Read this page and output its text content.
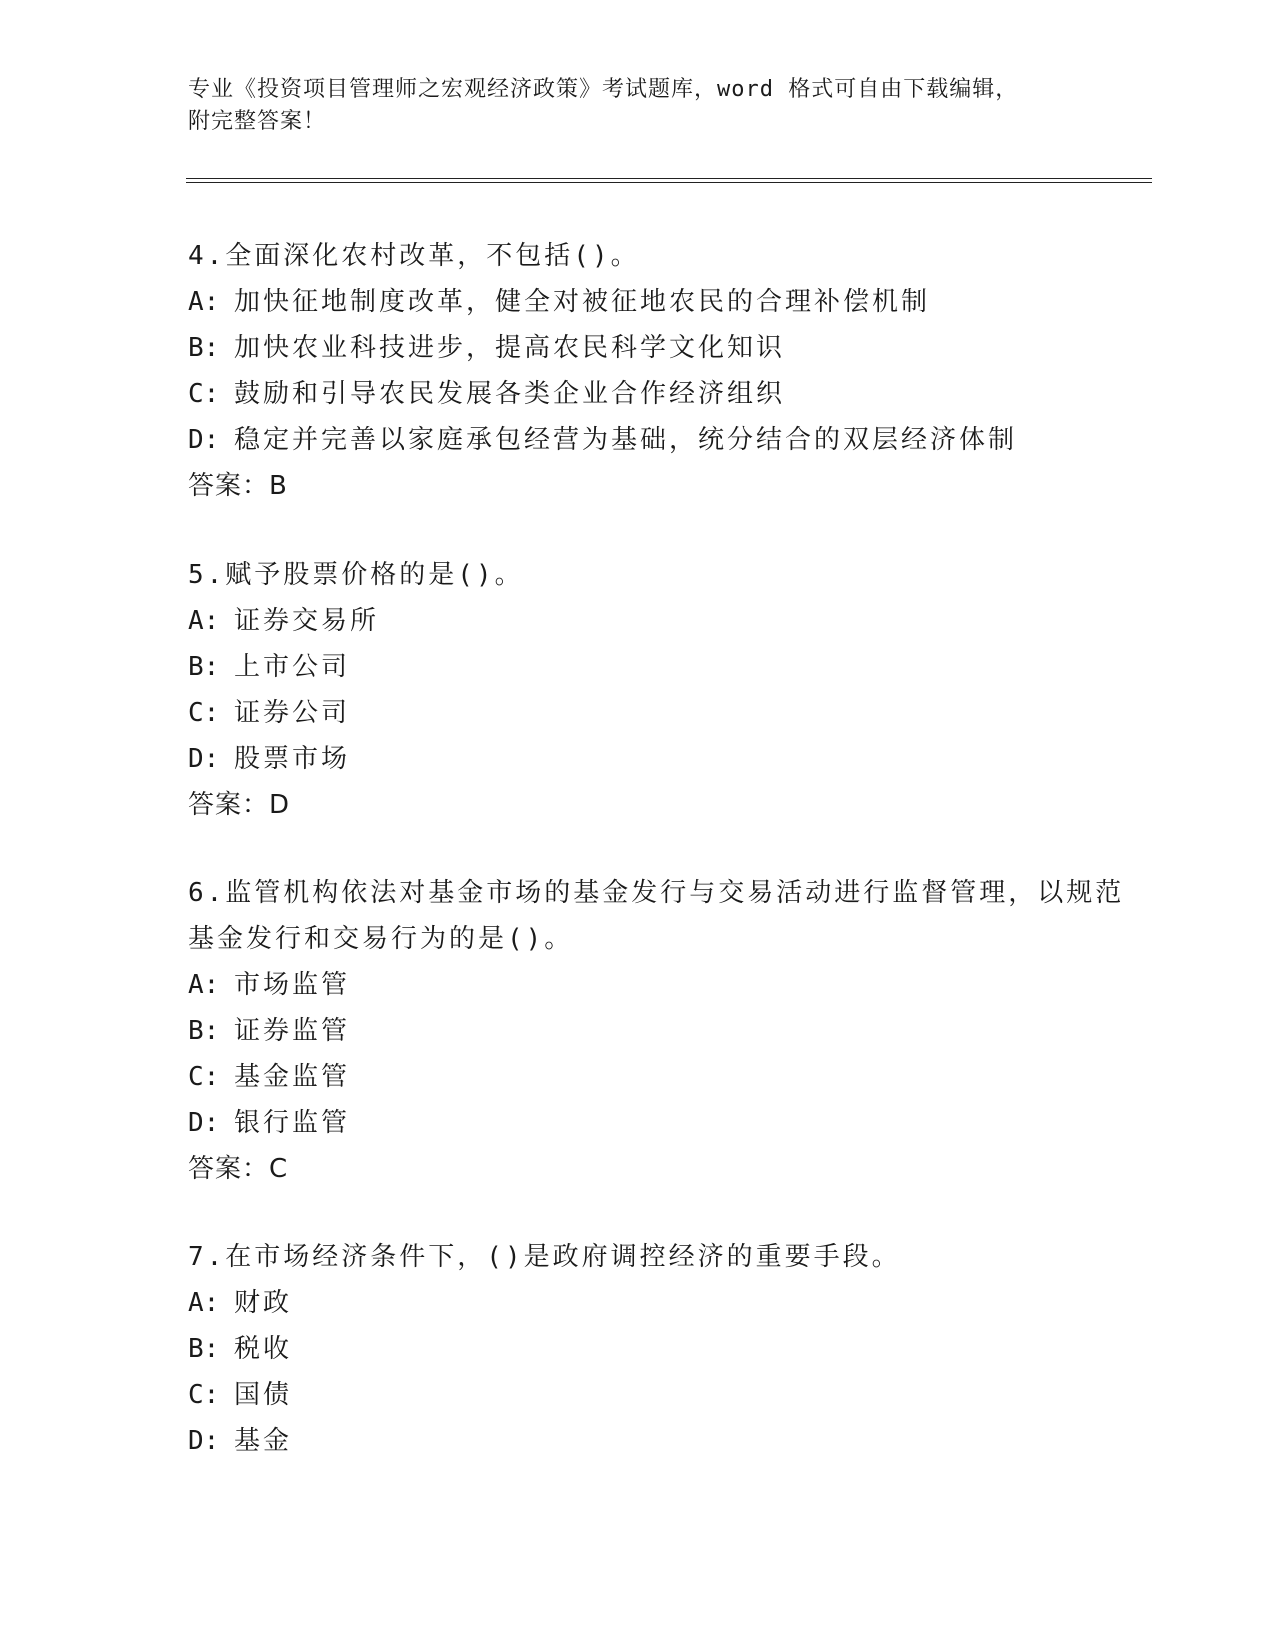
专业《投资项目管理师之宏观经济政策》考试题库，word 格式可自由下载编辑，
附完整答案！

4.全面深化农村改革，不包括()。

A: 加快征地制度改革，健全对被征地农民的合理补偿机制

B: 加快农业科技进步，提高农民科学文化知识

C: 鼓励和引导农民发展各类企业合作经济组织

D: 稳定并完善以家庭承包经营为基础，统分结合的双层经济体制

答案：B

5.赋予股票价格的是()。

A: 证券交易所

B: 上市公司

C: 证券公司

D: 股票市场

答案：D

6.监管机构依法对基金市场的基金发行与交易活动进行监督管理，以规范基金发行和交易行为的是()。

A: 市场监管

B: 证券监管

C: 基金监管

D: 银行监管

答案：C

7.在市场经济条件下，()是政府调控经济的重要手段。

A: 财政

B: 税收

C: 国债

D: 基金
